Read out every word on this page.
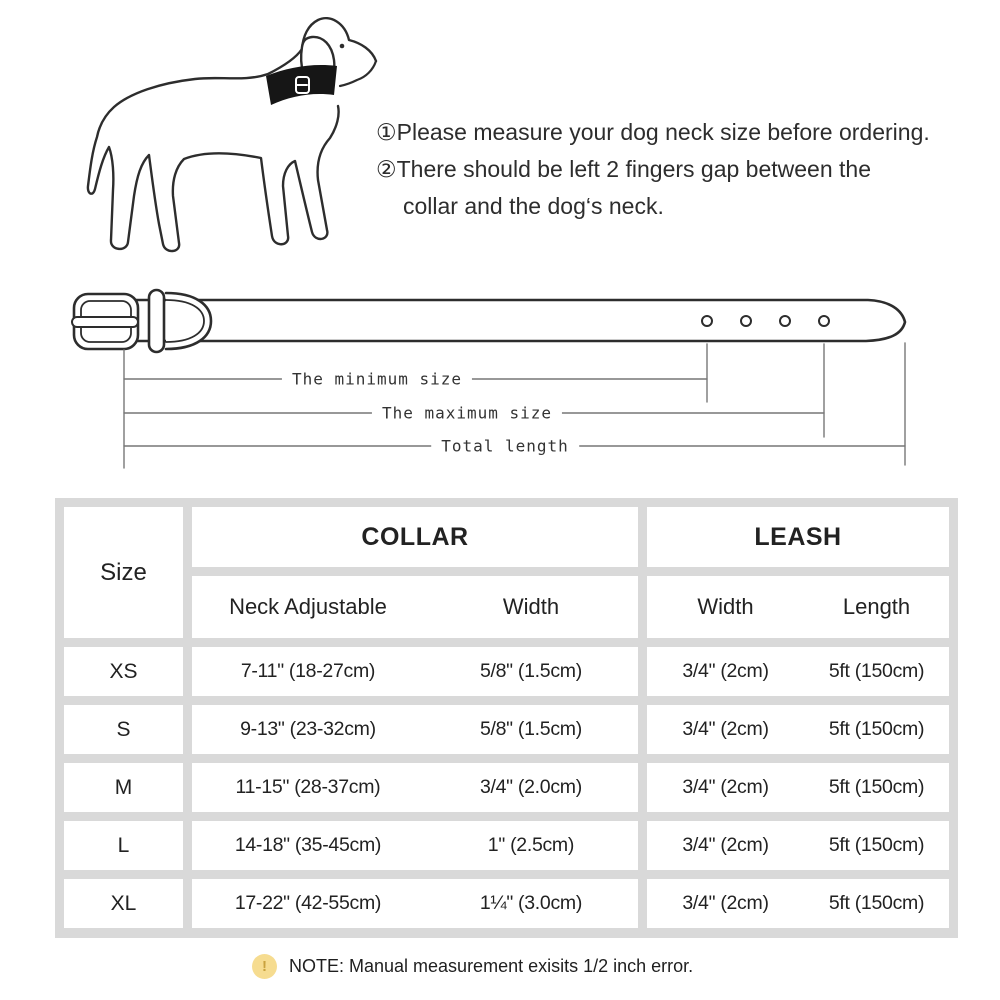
The minimum size
The maximum size
Total length
①Please measure your dog neck size before ordering.
②There should be left 2 fingers gap between the
collar and the dog‘s neck.
Size
COLLAR	LEASH
Neck Adjustable	Width	Width	Length
XS	7-11" (18-27cm)	5/8" (1.5cm)	3/4" (2cm)	5ft (150cm)
S	9-13" (23-32cm)	5/8" (1.5cm)	3/4" (2cm)	5ft (150cm)
M	11-15" (28-37cm)	3/4" (2.0cm)	3/4" (2cm)	5ft (150cm)
L	14-18" (35-45cm)	1" (2.5cm)	3/4" (2cm)	5ft (150cm)
XL	17-22" (42-55cm)	1¼" (3.0cm)	3/4" (2cm)	5ft (150cm)
!	NOTE: Manual measurement exisits 1/2 inch error.
